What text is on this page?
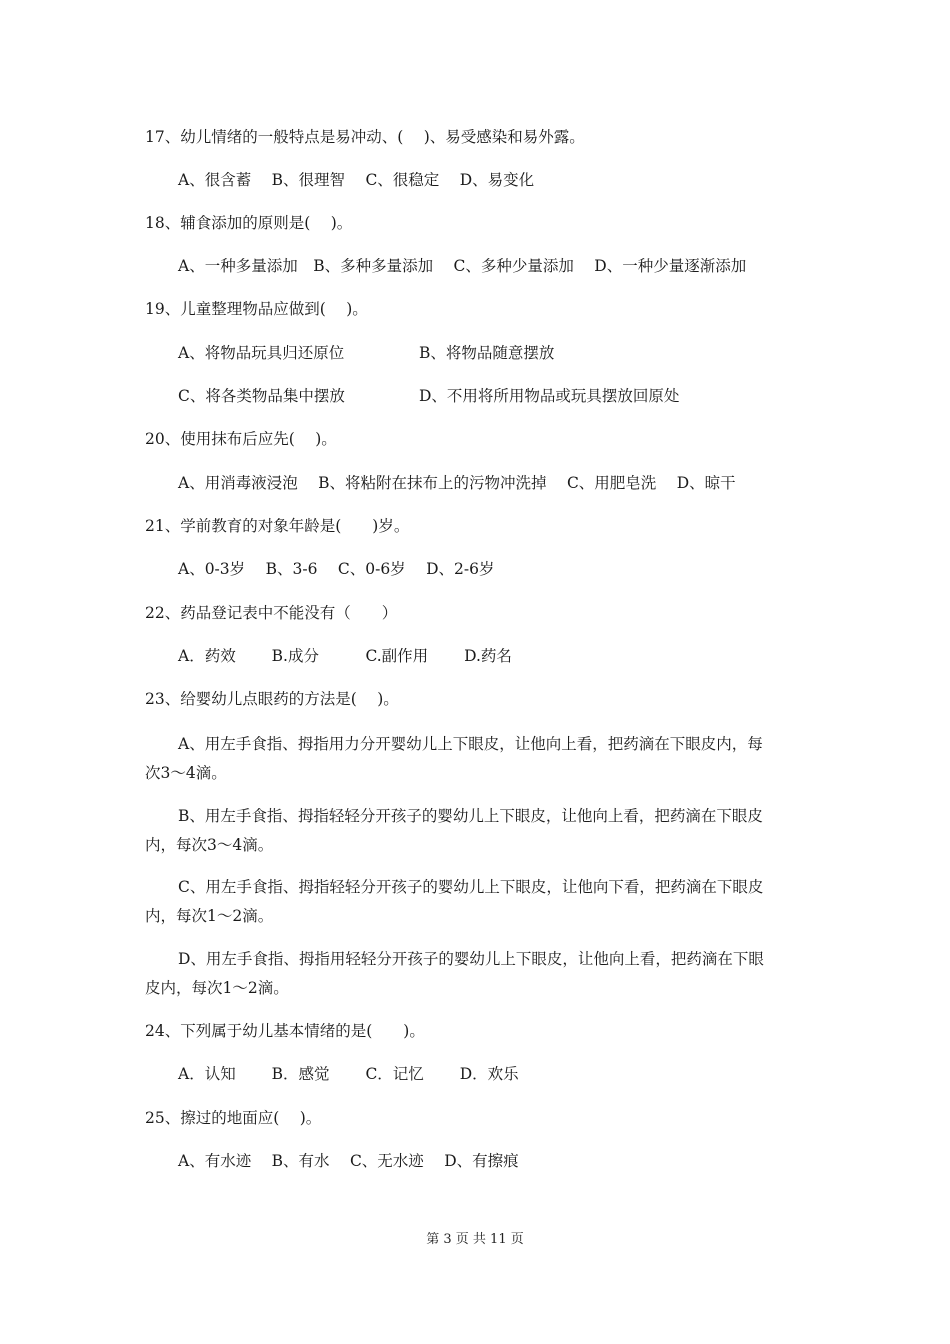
17、幼儿情绪的一般特点是易冲动、(　 )、易受感染和易外露。
A、很含蓄　 B、很理智　 C、很稳定　 D、易变化
18、辅食添加的原则是(　 )。
A、一种多量添加　B、多种多量添加　 C、多种少量添加　 D、一种少量逐渐添加
19、儿童整理物品应做到(　 )。
A、将物品玩具归还原位	B、将物品随意摆放
C、将各类物品集中摆放	D、不用将所用物品或玩具摆放回原处
20、使用抹布后应先(　 )。
A、用消毒液浸泡　 B、将粘附在抹布上的污物冲洗掉　 C、用肥皂洗　 D、晾干
21、学前教育的对象年龄是(　　)岁。
A、0-3岁　 B、3-6　 C、0-6岁　 D、2-6岁
22、药品登记表中不能没有（　　）
A．药效　　 B.成分　　　C.副作用　　 D.药名
23、给婴幼儿点眼药的方法是(　 )。
A、用左手食指、拇指用力分开婴幼儿上下眼皮，让他向上看，把药滴在下眼皮内，每
次3～4滴。
B、用左手食指、拇指轻轻分开孩子的婴幼儿上下眼皮，让他向上看，把药滴在下眼皮
内，每次3～4滴。
C、用左手食指、拇指轻轻分开孩子的婴幼儿上下眼皮，让他向下看，把药滴在下眼皮
内，每次1～2滴。
D、用左手食指、拇指用轻轻分开孩子的婴幼儿上下眼皮，让他向上看，把药滴在下眼
皮内，每次1～2滴。
24、下列属于幼儿基本情绪的是(　　)。
A．认知　　 B．感觉　　 C．记忆　　 D．欢乐
25、擦过的地面应(　 )。
A、有水迹　 B、有水　 C、无水迹　 D、有擦痕
第 3 页 共 11 页
